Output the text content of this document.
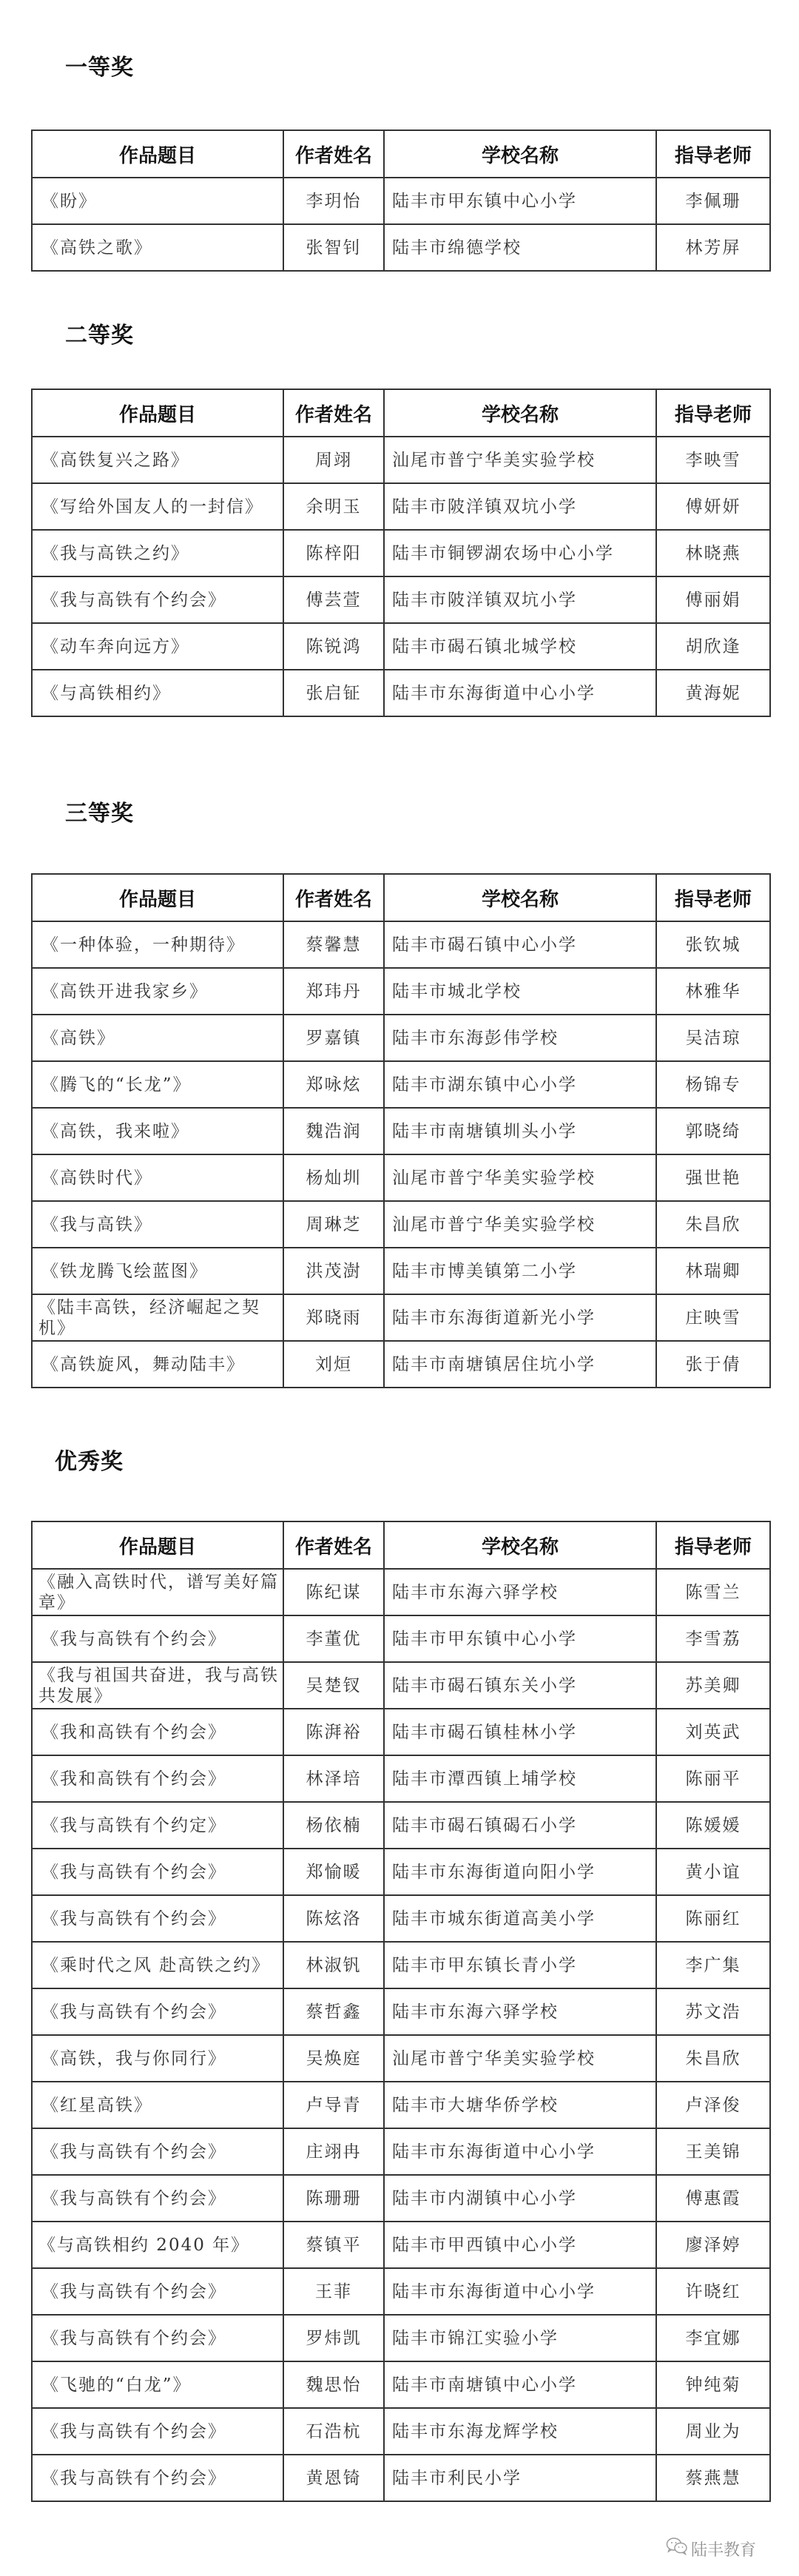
一等奖
作品题目	作者姓名	学校名称	指导老师
《盼》	李玥怡	陆丰市甲东镇中心小学	李佩珊
《高铁之歌》	张智钊	陆丰市绵德学校	林芳屏
二等奖
作品题目	作者姓名	学校名称	指导老师
《高铁复兴之路》	周翊	汕尾市普宁华美实验学校	李映雪
《写给外国友人的一封信》	余明玉	陆丰市陂洋镇双坑小学	傅妍妍
《我与高铁之约》	陈梓阳	陆丰市铜锣湖农场中心小学	林晓燕
《我与高铁有个约会》	傅芸萱	陆丰市陂洋镇双坑小学	傅丽娟
《动车奔向远方》	陈锐鸿	陆丰市碣石镇北城学校	胡欣逢
《与高铁相约》	张启钲	陆丰市东海街道中心小学	黄海妮
三等奖
作品题目	作者姓名	学校名称	指导老师
《一种体验，一种期待》	蔡馨慧	陆丰市碣石镇中心小学	张钦城
《高铁开进我家乡》	郑玮丹	陆丰市城北学校	林雅华
《高铁》	罗嘉镇	陆丰市东海彭伟学校	吴洁琼
《腾飞的“长龙”》	郑咏炫	陆丰市湖东镇中心小学	杨锦专
《高铁，我来啦》	魏浩润	陆丰市南塘镇圳头小学	郭晓绮
《高铁时代》	杨灿圳	汕尾市普宁华美实验学校	强世艳
《我与高铁》	周琳芝	汕尾市普宁华美实验学校	朱昌欣
《铁龙腾飞绘蓝图》	洪茂澍	陆丰市博美镇第二小学	林瑞卿
《陆丰高铁，经济崛起之契机》	郑晓雨	陆丰市东海街道新光小学	庄映雪
《高铁旋风，舞动陆丰》	刘烜	陆丰市南塘镇居住坑小学	张于倩
优秀奖
作品题目	作者姓名	学校名称	指导老师
《融入高铁时代，谱写美好篇章》	陈纪谋	陆丰市东海六驿学校	陈雪兰
《我与高铁有个约会》	李董优	陆丰市甲东镇中心小学	李雪荔
《我与祖国共奋进，我与高铁共发展》	吴楚钗	陆丰市碣石镇东关小学	苏美卿
《我和高铁有个约会》	陈湃裕	陆丰市碣石镇桂林小学	刘英武
《我和高铁有个约会》	林泽培	陆丰市潭西镇上埔学校	陈丽平
《我与高铁有个约定》	杨依楠	陆丰市碣石镇碣石小学	陈媛媛
《我与高铁有个约会》	郑愉暖	陆丰市东海街道向阳小学	黄小谊
《我与高铁有个约会》	陈炫洛	陆丰市城东街道高美小学	陈丽红
《乘时代之风 赴高铁之约》	林淑钒	陆丰市甲东镇长青小学	李广集
《我与高铁有个约会》	蔡哲鑫	陆丰市东海六驿学校	苏文浩
《高铁，我与你同行》	吴焕庭	汕尾市普宁华美实验学校	朱昌欣
《红星高铁》	卢导青	陆丰市大塘华侨学校	卢泽俊
《我与高铁有个约会》	庄翊冉	陆丰市东海街道中心小学	王美锦
《我与高铁有个约会》	陈珊珊	陆丰市内湖镇中心小学	傅惠霞
《与高铁相约 2040 年》	蔡镇平	陆丰市甲西镇中心小学	廖泽婷
《我与高铁有个约会》	王菲	陆丰市东海街道中心小学	许晓红
《我与高铁有个约会》	罗炜凯	陆丰市锦江实验小学	李宜娜
《飞驰的“白龙”》	魏思怡	陆丰市南塘镇中心小学	钟纯菊
《我与高铁有个约会》	石浩杭	陆丰市东海龙辉学校	周业为
《我与高铁有个约会》	黄恩锜	陆丰市利民小学	蔡燕慧
陆丰教育
